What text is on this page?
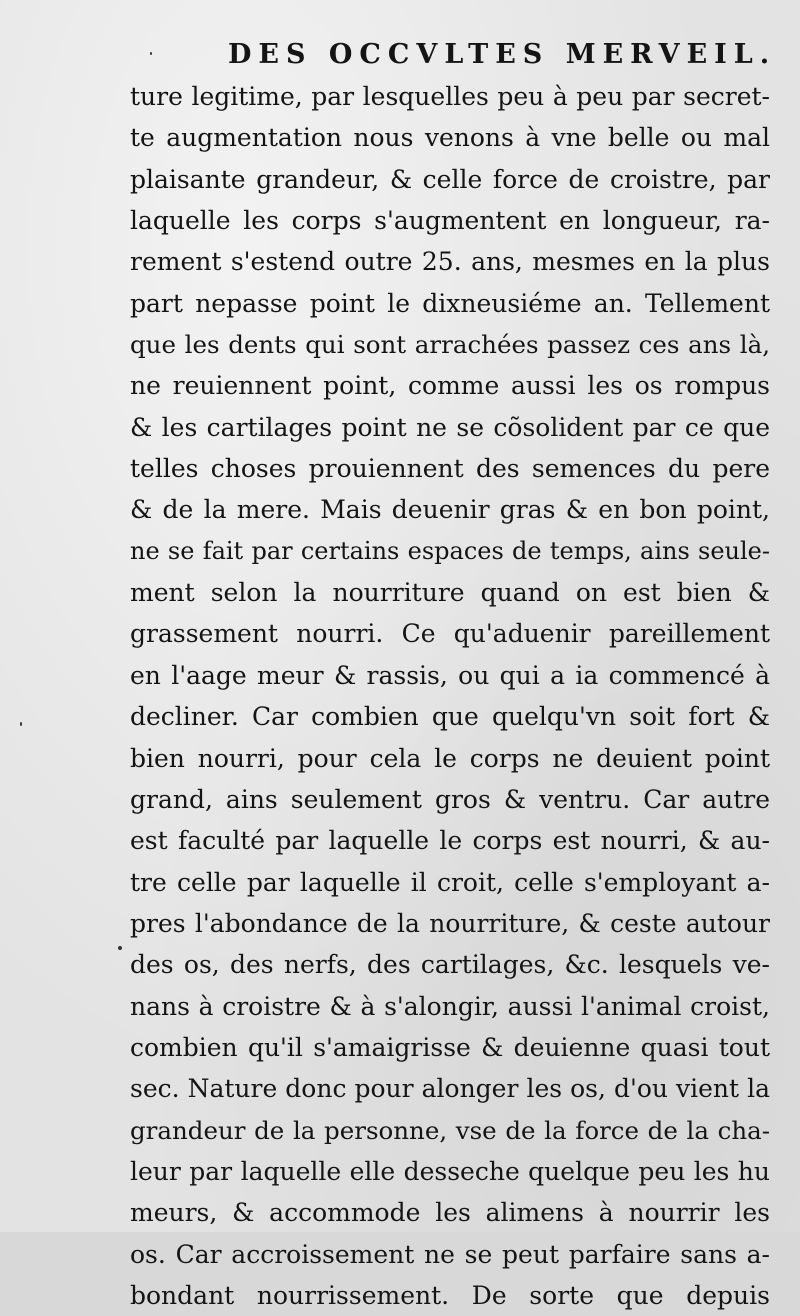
DES OCCVLTES MERVEIL.
ture legitime, par lesquelles peu à peu par secret-
te augmentation nous venons à vne belle ou mal
plaisante grandeur, & celle force de croistre, par
laquelle les corps s'augmentent en longueur, ra-
rement s'estend outre 25. ans, mesmes en la plus
part nepasse point le dixneusiéme an. Tellement
que les dents qui sont arrachées passez ces ans là,
ne reuiennent point, comme aussi les os rompus
& les cartilages point ne se cõsolident par ce que
telles choses prouiennent des semences du pere
& de la mere. Mais deuenir gras & en bon point,
ne se fait par certains espaces de temps, ains seule-
ment selon la nourriture quand on est bien &
grassement nourri. Ce qu'aduenir pareillement
en l'aage meur & rassis, ou qui a ia commencé à
decliner. Car combien que quelqu'vn soit fort &
bien nourri, pour cela le corps ne deuient point
grand, ains seulement gros & ventru. Car autre
est faculté par laquelle le corps est nourri, & au-
tre celle par laquelle il croit, celle s'employant a-
pres l'abondance de la nourriture, & ceste autour
des os, des nerfs, des cartilages, &c. lesquels ve-
nans à croistre & à s'alongir, aussi l'animal croist,
combien qu'il s'amaigrisse & deuienne quasi tout
sec. Nature donc pour alonger les os, d'ou vient la
grandeur de la personne, vse de la force de la cha-
leur par laquelle elle desseche quelque peu les hu
meurs, & accommode les alimens à nourrir les
os. Car accroissement ne se peut parfaire sans a-
bondant nourrissement. De sorte que depuis
